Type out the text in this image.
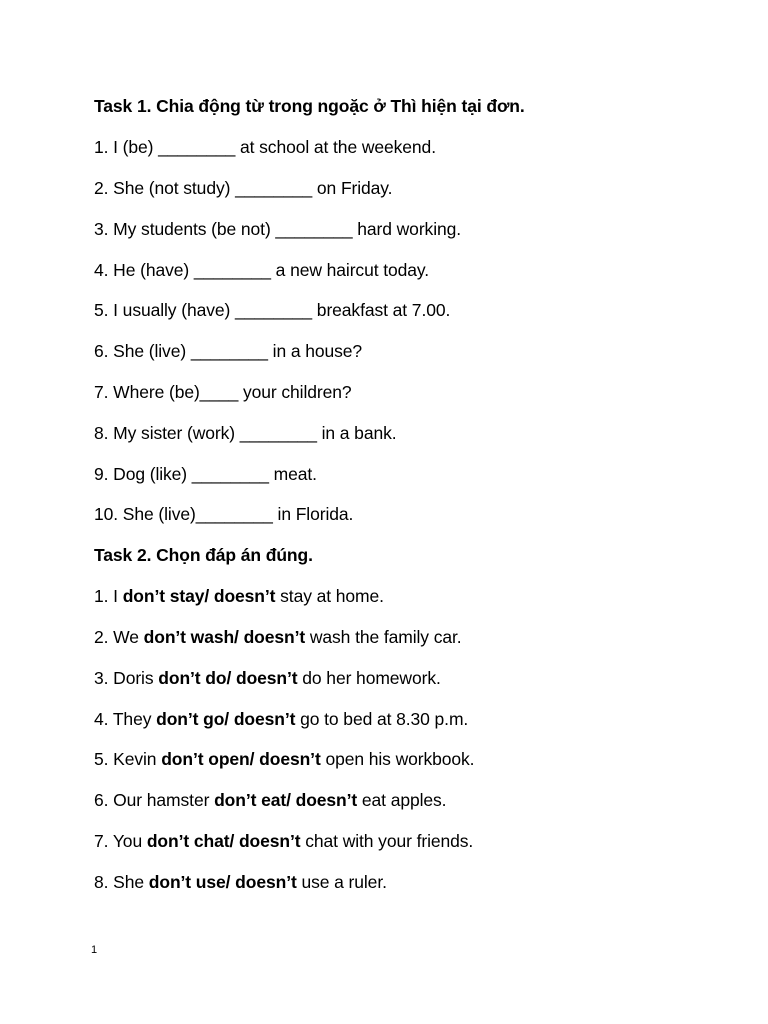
Task 1. Chia động từ trong ngoặc ở Thì hiện tại đơn.
1. I (be) ________ at school at the weekend.
2. She (not study) ________ on Friday.
3. My students (be not) ________ hard working.
4. He (have) ________ a new haircut today.
5. I usually (have) ________ breakfast at 7.00.
6. She (live) ________ in a house?
7. Where (be)____ your children?
8. My sister (work) ________ in a bank.
9. Dog (like) ________ meat.
10. She (live)________ in Florida.
Task 2. Chọn đáp án đúng.
1. I don’t stay/ doesn’t stay at home.
2. We don’t wash/ doesn’t wash the family car.
3. Doris don’t do/ doesn’t do her homework.
4. They don’t go/ doesn’t go to bed at 8.30 p.m.
5. Kevin don’t open/ doesn’t open his workbook.
6. Our hamster don’t eat/ doesn’t eat apples.
7. You don’t chat/ doesn’t chat with your friends.
8. She don’t use/ doesn’t use a ruler.
1
